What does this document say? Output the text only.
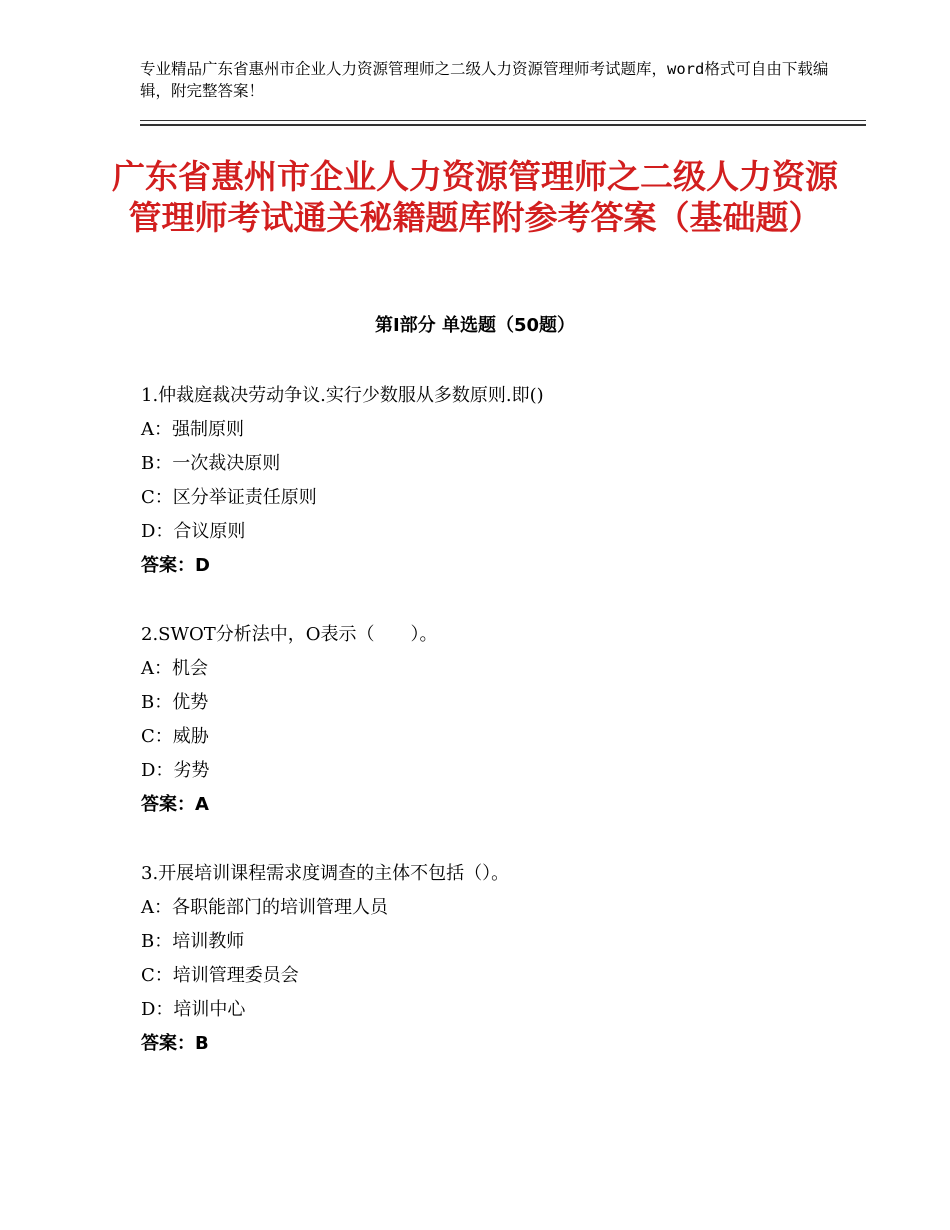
专业精品广东省惠州市企业人力资源管理师之二级人力资源管理师考试题库，word格式可自由下载编辑，附完整答案！
广东省惠州市企业人力资源管理师之二级人力资源管理师考试通关秘籍题库附参考答案（基础题）
第Ⅰ部分 单选题（50题）
1.仲裁庭裁决劳动争议.实行少数服从多数原则.即()
A：强制原则
B：一次裁决原则
C：区分举证责任原则
D：合议原则
答案：D
2.SWOT分析法中，O表示（　　）。
A：机会
B：优势
C：威胁
D：劣势
答案：A
3.开展培训课程需求度调查的主体不包括（）。
A：各职能部门的培训管理人员
B：培训教师
C：培训管理委员会
D：培训中心
答案：B
